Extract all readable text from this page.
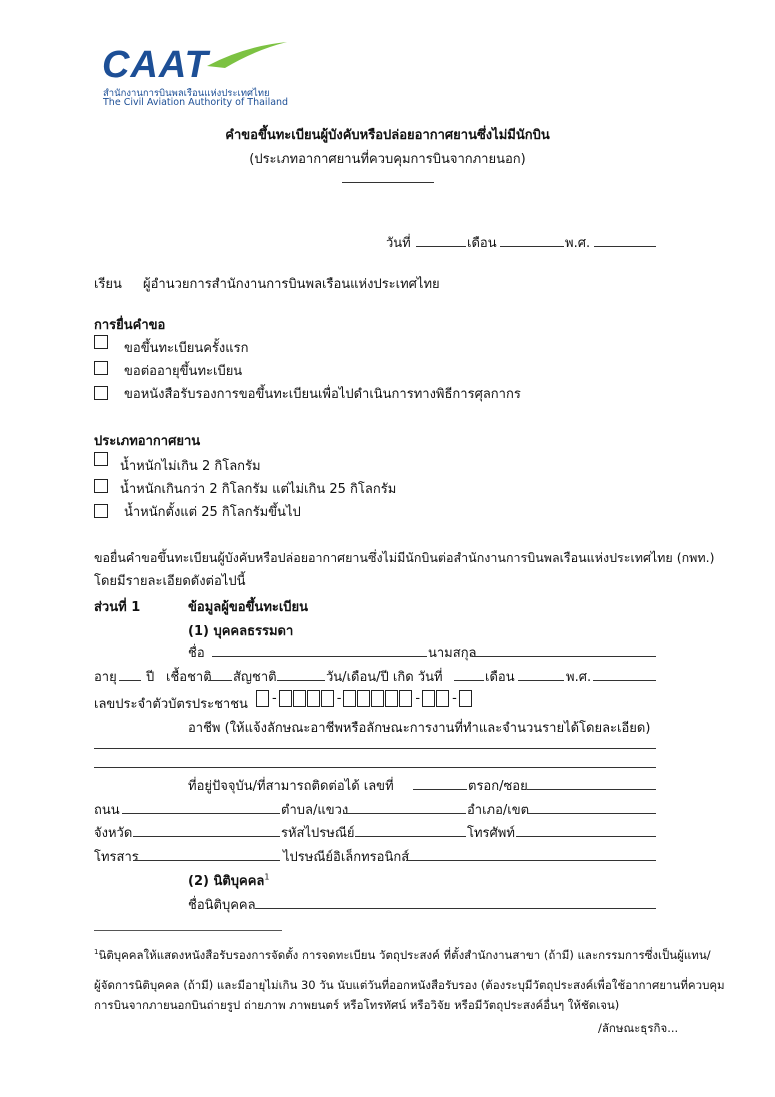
CAAT
สำนักงานการบินพลเรือนแห่งประเทศไทย
The Civil Aviation Authority of Thailand
คำขอขึ้นทะเบียนผู้บังคับหรือปล่อยอากาศยานซึ่งไม่มีนักบิน
(ประเภทอากาศยานที่ควบคุมการบินจากภายนอก)
วันที่	เดือน	พ.ศ.
เรียน ผู้อำนวยการสำนักงานการบินพลเรือนแห่งประเทศไทย
การยื่นคำขอ
ขอขึ้นทะเบียนครั้งแรก
ขอต่ออายุขึ้นทะเบียน
ขอหนังสือรับรองการขอขึ้นทะเบียนเพื่อไปดำเนินการทางพิธีการศุลกากร
ประเภทอากาศยาน
น้ำหนักไม่เกิน 2 กิโลกรัม
น้ำหนักเกินกว่า 2 กิโลกรัม แต่ไม่เกิน 25 กิโลกรัม
น้ำหนักตั้งแต่ 25 กิโลกรัมขึ้นไป
ขอยื่นคำขอขึ้นทะเบียนผู้บังคับหรือปล่อยอากาศยานซึ่งไม่มีนักบินต่อสำนักงานการบินพลเรือนแห่งประเทศไทย (กพท.)
โดยมีรายละเอียดดังต่อไปนี้
ส่วนที่ 1	ข้อมูลผู้ขอขึ้นทะเบียน
(1) บุคคลธรรมดา
ชื่อ	นามสกุล
อายุ ปี เชื้อชาติ สัญชาติ	วัน/เดือน/ปี เกิด วันที่	เดือน	พ.ศ.
เลขประจำตัวบัตรประชาชน	-	-	- -
อาชีพ (ให้แจ้งลักษณะอาชีพหรือลักษณะการงานที่ทำและจำนวนรายได้โดยละเอียด)
ที่อยู่ปัจจุบัน/ที่สามารถติดต่อได้ เลขที่	ตรอก/ซอย
ถนน	ตำบล/แขวง	อำเภอ/เขต
จังหวัด	รหัสไปรษณีย์	โทรศัพท์
โทรสาร	ไปรษณีย์อิเล็กทรอนิกส์
(2) นิติบุคคล$^1$
ชื่อนิติบุคคล
$^1$นิติบุคคลให้แสดงหนังสือรับรองการจัดตั้ง การจดทะเบียน วัตถุประสงค์ ที่ตั้งสำนักงานสาขา (ถ้ามี) และกรรมการซึ่งเป็นผู้แทน/
ผู้จัดการนิติบุคคล (ถ้ามี) และมีอายุไม่เกิน 30 วัน นับแต่วันที่ออกหนังสือรับรอง (ต้องระบุมีวัตถุประสงค์เพื่อใช้อากาศยานที่ควบคุม
การบินจากภายนอกบินถ่ายรูป ถ่ายภาพ ภาพยนตร์ หรือโทรทัศน์ หรือวิจัย หรือมีวัตถุประสงค์อื่นๆ ให้ชัดเจน)
/ลักษณะธุรกิจ...
